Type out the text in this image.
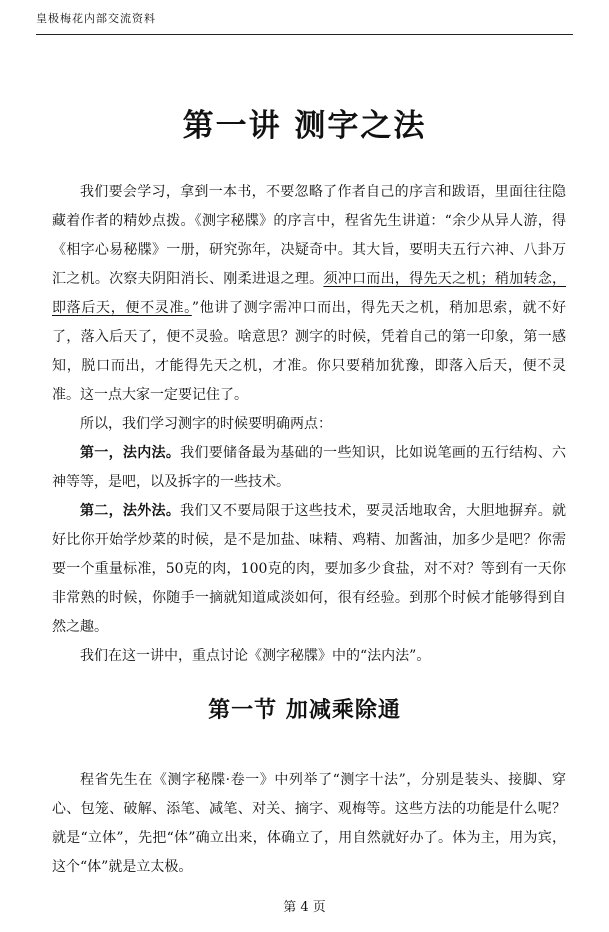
皇极梅花内部交流资料
第一讲 测字之法

我们要会学习，拿到一本书，不要忽略了作者自己的序言和跋语，里面往往隐藏着作者的精妙点拨。《测字秘牒》的序言中，程省先生讲道：“余少从异人游，得《相字心易秘牒》一册，研究弥年，决疑奇中。其大旨，要明夫五行六神、八卦万汇之机。次察夫阴阳消长、刚柔进退之理。须冲口而出，得先天之机；稍加转念，即落后天，便不灵准。”他讲了测字需冲口而出，得先天之机，稍加思索，就不好了，落入后天了，便不灵验。啥意思？测字的时候，凭着自己的第一印象，第一感知，脱口而出，才能得先天之机，才准。你只要稍加犹豫，即落入后天，便不灵准。这一点大家一定要记住了。

所以，我们学习测字的时候要明确两点：

第一，法内法。我们要储备最为基础的一些知识，比如说笔画的五行结构、六神等等，是吧，以及拆字的一些技术。

第二，法外法。我们又不要局限于这些技术，要灵活地取舍，大胆地摒弃。就好比你开始学炒菜的时候，是不是加盐、味精、鸡精、加酱油，加多少是吧？你需要一个重量标准，50克的肉，100克的肉，要加多少食盐，对不对？等到有一天你非常熟的时候，你随手一摘就知道咸淡如何，很有经验。到那个时候才能够得到自然之趣。

我们在这一讲中，重点讨论《测字秘牒》中的“法内法”。

第一节 加减乘除通

程省先生在《测字秘牒·卷一》中列举了“测字十法”，分别是装头、接脚、穿心、包笼、破解、添笔、减笔、对关、摘字、观梅等。这些方法的功能是什么呢？就是“立体”，先把“体”确立出来，体确立了，用自然就好办了。体为主，用为宾，这个“体”就是立太极。

第 4 页
